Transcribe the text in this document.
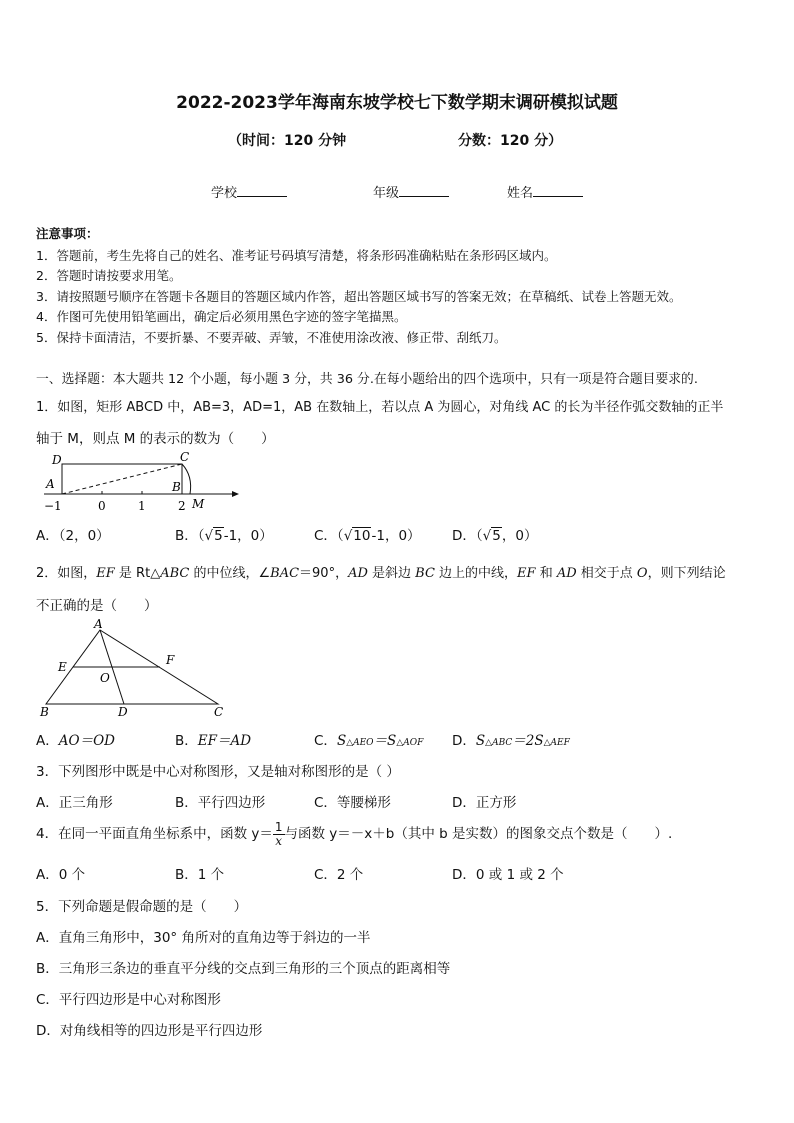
2022-2023学年海南东坡学校七下数学期末调研模拟试题
（时间：120 分钟	分数：120 分）
学校	年级	姓名
注意事项：
1．答题前，考生先将自己的姓名、准考证号码填写清楚，将条形码准确粘贴在条形码区域内。
2．答题时请按要求用笔。
3．请按照题号顺序在答题卡各题目的答题区域内作答，超出答题区域书写的答案无效；在草稿纸、试卷上答题无效。
4．作图可先使用铅笔画出，确定后必须用黑色字迹的签字笔描黑。
5．保持卡面清洁，不要折暴、不要弄破、弄皱，不准使用涂改液、修正带、刮纸刀。
一、选择题：本大题共 12 个小题，每小题 3 分，共 36 分.在每小题给出的四个选项中，只有一项是符合题目要求的.
1．如图，矩形 ABCD 中，AB=3，AD=1，AB 在数轴上，若以点 A 为圆心，对角线 AC 的长为半径作弧交数轴的正半
轴于 M，则点 M 的表示的数为（　　）
D	C
A	B
M
−1	0	1	2
A．（2，0）	B．（√5-1，0）	C．（√10-1，0） D．（√5，0）
2．如图，EF 是 Rt△ABC 的中位线，∠BAC＝90°，AD 是斜边 BC 边上的中线，EF 和 AD 相交于点 O，则下列结论
不正确的是（　　）
A
E	F
O
B	D	C
A．AO＝OD	B．EF＝AD	C．S△AEO＝S△AOF D．S△ABC＝2S△AEF
3．下列图形中既是中心对称图形，又是轴对称图形的是（ ）
A．正三角形	B．平行四边形	C．等腰梯形	D．正方形
4．在同一平面直角坐标系中，函数 $y= \frac{1}{x}$ 与函数 y＝－x＋b（其中 b 是实数）的图象交点个数是（　　）.
A．0 个	B．1 个	C．2 个	D．0 或 1 或 2 个
5．下列命题是假命题的是（　　）
A．直角三角形中，30° 角所对的直角边等于斜边的一半
B．三角形三条边的垂直平分线的交点到三角形的三个顶点的距离相等
C．平行四边形是中心对称图形
D．对角线相等的四边形是平行四边形
